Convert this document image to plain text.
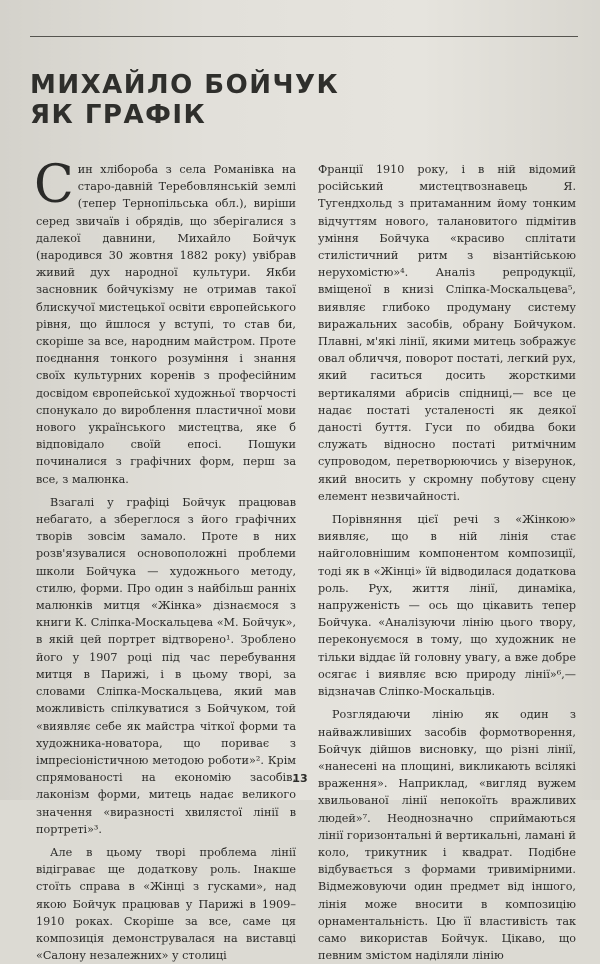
МИХАЙЛО БОЙЧУК
ЯК ГРАФІК

Син хлібороба з села Романівка на старо-давній Теребовлянській землі (тепер Тернопільська обл.), виріши серед звичаїв і обрядів, що зберігалися з далекої давнини, Михайло Бойчук (народився 30 жовтня 1882 року) увібрав живий дух народної культури. Якби засновник бойчукізму не отримав такої блискучої мистецької освіти європейського рівня, що йшлося у вступі, то став би, скоріше за все, народним майстром. Проте поєднання тонкого розуміння і знання своїх культурних коренів з професійним досвідом європейської художньої творчості спонукало до вироблення пластичної мови нового українського мистецтва, яке б відповідало своїй епосі. Пошуки починалися з графічних форм, перш за все, з малюнка.

Взагалі у графіці Бойчук працював небагато, а збереглося з його графічних творів зовсім замало. Проте в них розв'язувалися основоположні проблеми школи Бойчука — художнього методу, стилю, форми. Про один з найбільш ранніх малюнків митця «Жінка» дізнаємося з книги К. Сліпка-Москальцева «М. Бойчук», в якій цей портрет відтворено¹. Зроблено його у 1907 році під час перебування митця в Парижі, і в цьому творі, за словами Сліпка-Москальцева, який мав можливість спілкуватися з Бойчуком, той «виявляє себе як майстра чіткої форми та художника-новатора, що пориває з імпресіоністичною методою роботи»². Крім спрямованості на економію засобів, лаконізм форми, митець надає великого значення «виразності хвилястої лінії в портреті»³.

Але в цьому творі проблема лінії відіграває ще додаткову роль. Інакше стоїть справа в «Жінці з гусками», над якою Бойчук працював у Парижі в 1909–1910 роках. Скоріше за все, саме ця композиція демонструвалася на виставці «Салону незалежних» у столиці

Франції 1910 року, і в ній відомий російський мистецтвознавець Я. Тугендхольд з притаманним йому тонким відчуттям нового, талановитого підмітив уміння Бойчука «красиво сплітати стилістичний ритм з візантійською нерухомістю»⁴. Аналіз репродукції, вміщеної в книзі Сліпка-Москальцева⁵, виявляє глибоко продуману систему виражальних засобів, обрану Бойчуком. Плавні, м'які лінії, якими митець зображує овал обличчя, поворот постаті, легкий рух, який гаситься досить жорсткими вертикалями абрисів спідниці,— все це надає постаті усталеності як деякої даності буття. Гуси по обидва боки служать відносно постаті ритмічним супроводом, перетворюючись у візерунок, який вносить у скромну побутову сцену елемент незвичайності.

Порівняння цієї речі з «Жінкою» виявляє, що в ній лінія стає найголовнішим компонентом композиції, тоді як в «Жінці» їй відводилася додаткова роль. Рух, життя лінії, динаміка, напруженість — ось що цікавить тепер Бойчука. «Аналізуючи лінію цього твору, переконуємося в тому, що художник не тільки віддає їй головну увагу, а вже добре осягає і виявляє всю природу лінії»⁶,— відзначав Сліпко-Москальців.

Розглядаючи лінію як один з найважливіших засобів формотворення, Бойчук дійшов висновку, що різні лінії, «нанесені на площині, викликають всілякі враження». Наприклад, «вигляд вужем хвильованої лінії непокоїть вражливих людей»⁷. Неоднозначно сприймаються лінії горизонтальні й вертикальні, ламані й коло, трикутник і квадрат. Подібне відбувається з формами тривимірними. Відмежовуючи один предмет від іншого, лінія може вносити в композицію орнаментальність. Цю її властивість так само використав Бойчук. Цікаво, що певним змістом наділяли лінію

13
